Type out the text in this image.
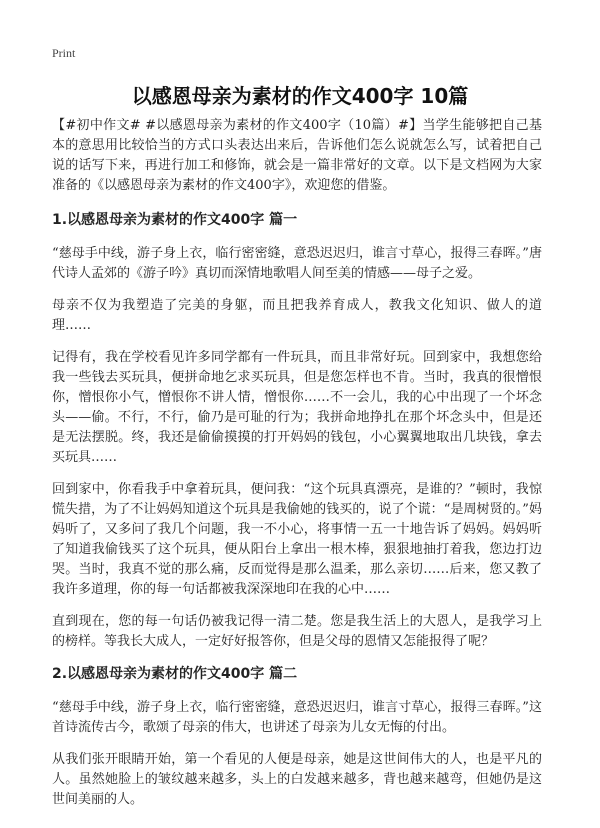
Print
以感恩母亲为素材的作文400字 10篇

【#初中作文# #以感恩母亲为素材的作文400字（10篇）#】当学生能够把自己基本的意思用比较恰当的方式口头表达出来后，告诉他们怎么说就怎么写，试着把自己说的话写下来，再进行加工和修饰，就会是一篇非常好的文章。以下是文档网为大家准备的《以感恩母亲为素材的作文400字》，欢迎您的借鉴。

1.以感恩母亲为素材的作文400字 篇一

“慈母手中线，游子身上衣，临行密密缝，意恐迟迟归，谁言寸草心，报得三春晖。”唐代诗人孟郊的《游子吟》真切而深情地歌唱人间至美的情感——母子之爱。

母亲不仅为我塑造了完美的身躯，而且把我养育成人，教我文化知识、做人的道理……

记得有，我在学校看见许多同学都有一件玩具，而且非常好玩。回到家中，我想您给我一些钱去买玩具，便拼命地乞求买玩具，但是您怎样也不肯。当时，我真的很憎恨你，憎恨你小气，憎恨你不讲人情，憎恨你……不一会儿，我的心中出现了一个坏念头——偷。不行，不行，偷乃是可耻的行为；我拼命地挣扎在那个坏念头中，但是还是无法摆脱。终，我还是偷偷摸摸的打开妈妈的钱包，小心翼翼地取出几块钱，拿去买玩具……

回到家中，你看我手中拿着玩具，便问我：“这个玩具真漂亮，是谁的？”顿时，我惊慌失措，为了不让妈妈知道这个玩具是我偷她的钱买的，说了个谎：“是周树贤的。”妈妈听了，又多问了我几个问题，我一不小心，将事情一五一十地告诉了妈妈。妈妈听了知道我偷钱买了这个玩具，便从阳台上拿出一根木棒，狠狠地抽打着我，您边打边哭。当时，我真不觉的那么痛，反而觉得是那么温柔，那么亲切……后来，您又教了我许多道理，你的每一句话都被我深深地印在我的心中……

直到现在，您的每一句话仍被我记得一清二楚。您是我生活上的大恩人，是我学习上的榜样。等我长大成人，一定好好报答你，但是父母的恩情又怎能报得了呢？

2.以感恩母亲为素材的作文400字 篇二

“慈母手中线，游子身上衣，临行密密缝，意恐迟迟归，谁言寸草心，报得三春晖。”这首诗流传古今，歌颂了母亲的伟大，也讲述了母亲为儿女无悔的付出。

从我们张开眼睛开始，第一个看见的人便是母亲，她是这世间伟大的人，也是平凡的人。虽然她脸上的皱纹越来越多，头上的白发越来越多，背也越来越弯，但她仍是这世间美丽的人。
